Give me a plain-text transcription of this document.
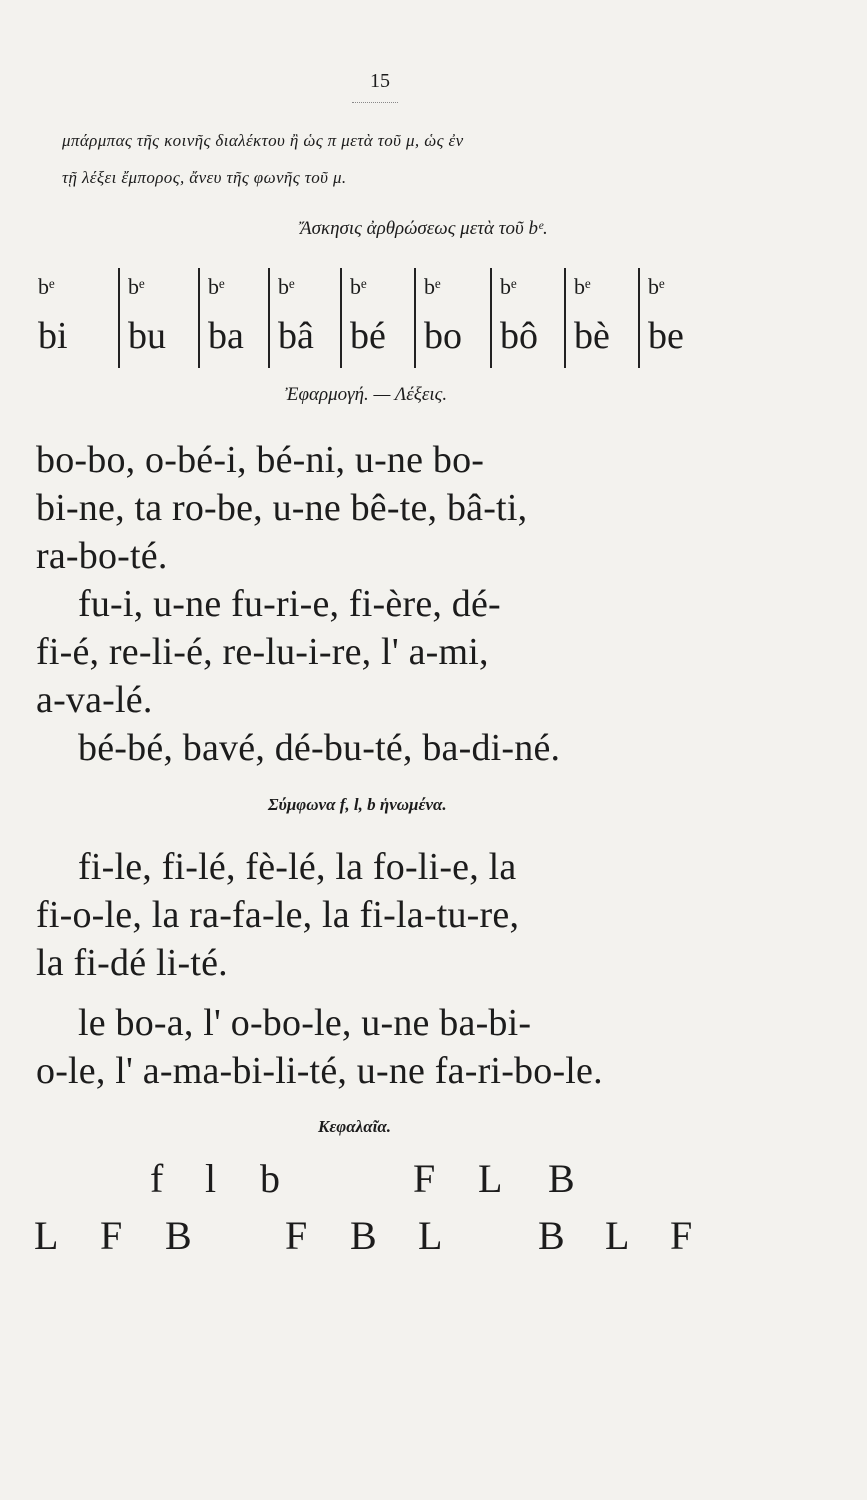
15
μπάρμπας τῆς κοινῆς διαλέκτου ἢ ὡς π μετὰ τοῦ μ, ὡς ἐν
τῇ λέξει ἔμπορος, ἄνευ τῆς φωνῆς τοῦ μ.
Ἄσκησις ἀρθρώσεως μετὰ τοῦ bᵉ.
bᵉ
bi
bᵉ
bu
bᵉ
ba
bᵉ
bâ
bᵉ
bé
bᵉ
bo
bᵉ
bô
bᵉ
bè
bᵉ
be
Ἐφαρμογή. — Λέξεις.
bo-bo, o-bé-i, bé-ni, u-ne bo-
bi-ne, ta ro-be, u-ne bê-te, bâ-ti,
ra-bo-té.
fu-i, u-ne fu-ri-e, fi-ère, dé-
fi-é, re-li-é, re-lu-i-re, l' a-mi,
a-va-lé.
bé-bé, bavé, dé-bu-té, ba-di-né.
Σύμφωνα f, l, b ἡνωμένα.
fi-le, fi-lé, fè-lé, la fo-li-e, la
fi-o-le, la ra-fa-le, la fi-la-tu-re,
la fi-dé li-té.
le bo-a, l' o-bo-le, u-ne ba-bi-
o-le, l' a-ma-bi-li-té, u-ne fa-ri-bo-le.
Κεφαλαῖα.
f l b	F L B
L F B F B L B L F
